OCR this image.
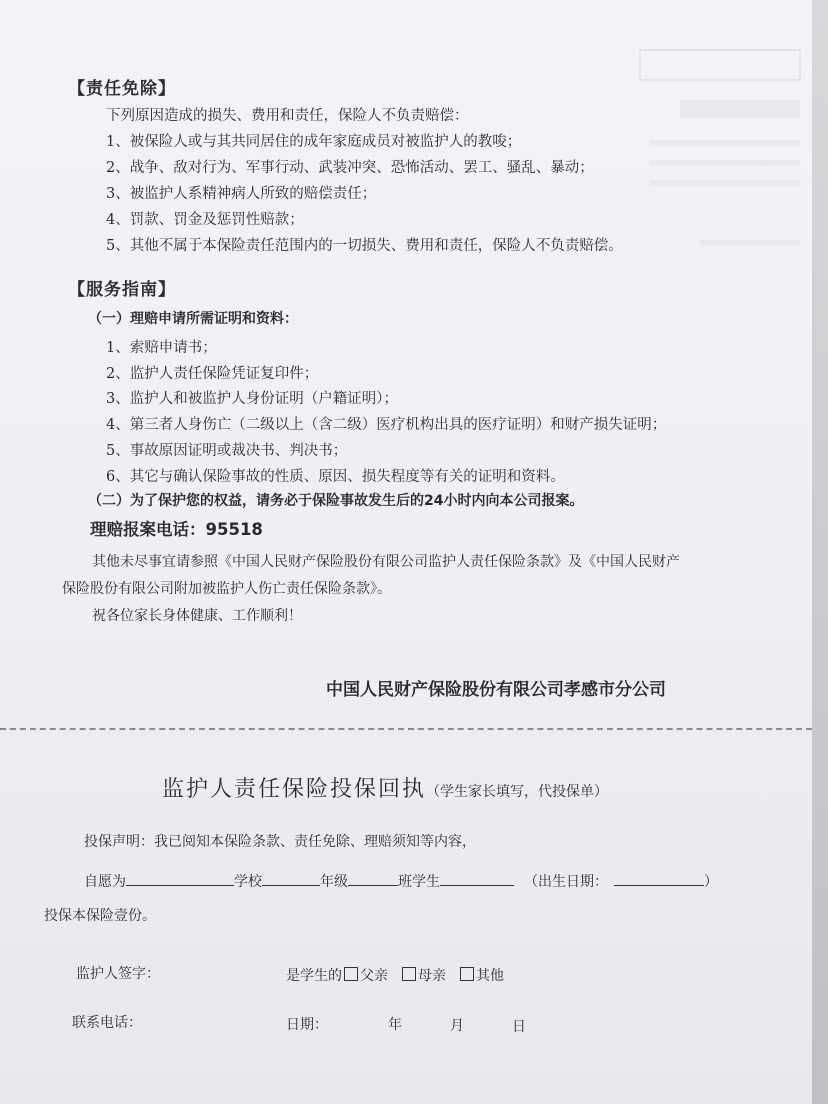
【责任免除】
下列原因造成的损失、费用和责任，保险人不负责赔偿：
1、被保险人或与其共同居住的成年家庭成员对被监护人的教唆；
2、战争、敌对行为、军事行动、武装冲突、恐怖活动、罢工、骚乱、暴动；
3、被监护人系精神病人所致的赔偿责任；
4、罚款、罚金及惩罚性赔款；
5、其他不属于本保险责任范围内的一切损失、费用和责任，保险人不负责赔偿。
【服务指南】
（一）理赔申请所需证明和资料：
1、索赔申请书；
2、监护人责任保险凭证复印件；
3、监护人和被监护人身份证明（户籍证明）；
4、第三者人身伤亡（二级以上（含二级）医疗机构出具的医疗证明）和财产损失证明；
5、事故原因证明或裁决书、判决书；
6、其它与确认保险事故的性质、原因、损失程度等有关的证明和资料。
（二）为了保护您的权益，请务必于保险事故发生后的24小时内向本公司报案。
理赔报案电话：95518
其他未尽事宜请参照《中国人民财产保险股份有限公司监护人责任保险条款》及《中国人民财产
保险股份有限公司附加被监护人伤亡责任保险条款》。
祝各位家长身体健康、工作顺利！
中国人民财产保险股份有限公司孝感市分公司
监护人责任保险投保回执（学生家长填写，代投保单）
投保声明：我已阅知本保险条款、责任免除、理赔须知等内容，
自愿为	学校	年级	班学生	（出生日期：	）
投保本保险壹份。
监护人签字：	是学生的 父亲 母亲 其他
联系电话：	日期：	年	月	日
